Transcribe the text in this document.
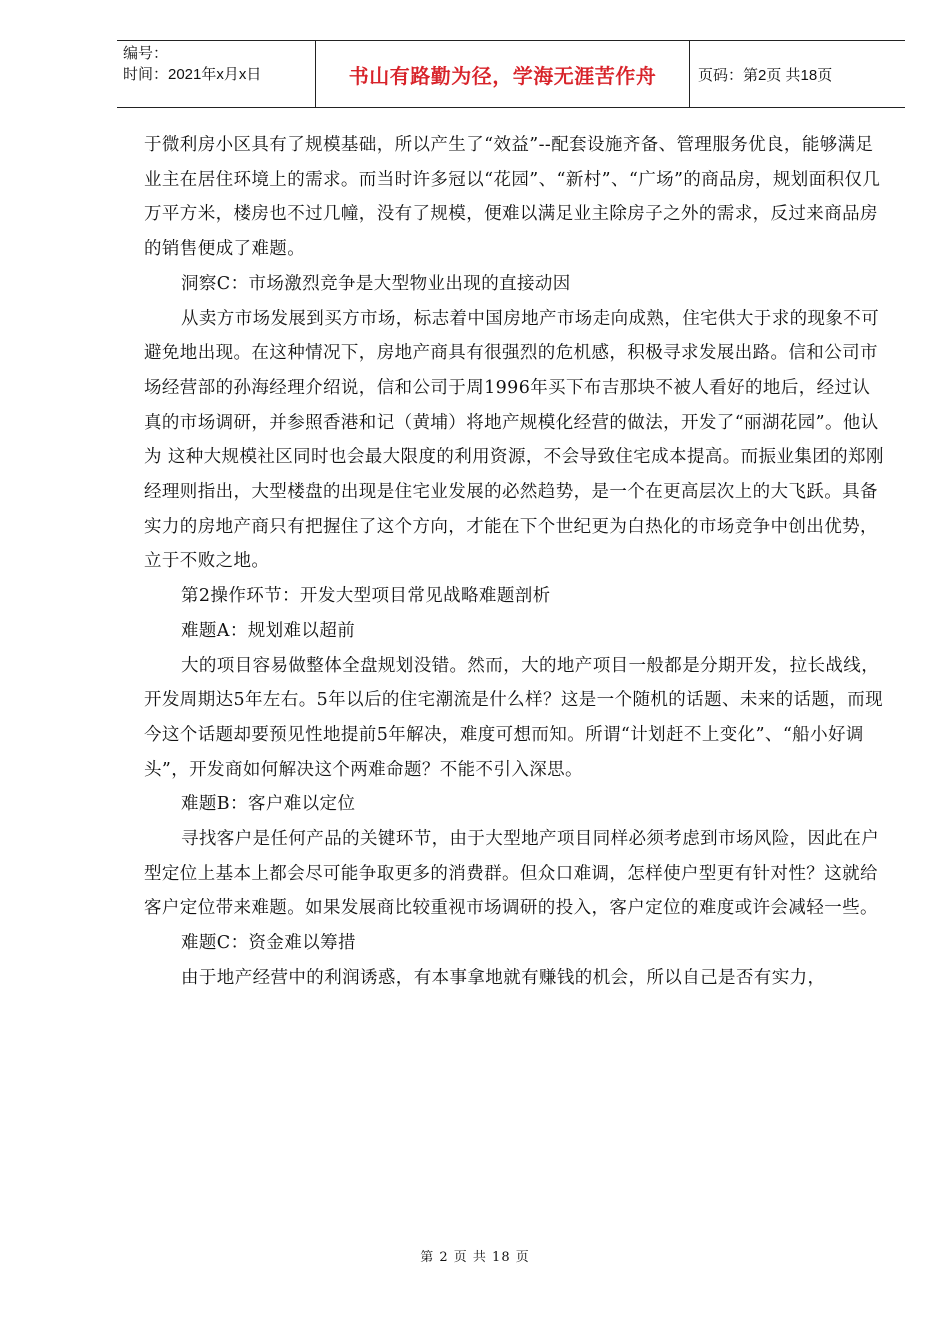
编号：
时间：2021年x月x日	书山有路勤为径，学海无涯苦作舟	页码：第2页 共18页

于微利房小区具有了规模基础，所以产生了“效益”--配套设施齐备、管理服务优良，能够满足业主在居住环境上的需求。而当时许多冠以“花园”、“新村”、“广场”的商品房，规划面积仅几万平方米，楼房也不过几幢，没有了规模，便难以满足业主除房子之外的需求，反过来商品房的销售便成了难题。

洞察C：市场激烈竞争是大型物业出现的直接动因

从卖方市场发展到买方市场，标志着中国房地产市场走向成熟，住宅供大于求的现象不可避免地出现。在这种情况下，房地产商具有很强烈的危机感，积极寻求发展出路。信和公司市场经营部的孙海经理介绍说，信和公司于周1996年买下布吉那块不被人看好的地后，经过认真的市场调研，并参照香港和记（黄埔）将地产规模化经营的做法，开发了“丽湖花园”。他认为 这种大规模社区同时也会最大限度的利用资源，不会导致住宅成本提高。而振业集团的郑刚经理则指出，大型楼盘的出现是住宅业发展的必然趋势，是一个在更高层次上的大飞跃。具备实力的房地产商只有把握住了这个方向，才能在下个世纪更为白热化的市场竞争中创出优势，立于不败之地。

第2操作环节：开发大型项目常见战略难题剖析

难题A：规划难以超前

大的项目容易做整体全盘规划没错。然而，大的地产项目一般都是分期开发，拉长战线，开发周期达5年左右。5年以后的住宅潮流是什么样？这是一个随机的话题、未来的话题，而现今这个话题却要预见性地提前5年解决，难度可想而知。所谓“计划赶不上变化”、“船小好调头”，开发商如何解决这个两难命题？不能不引入深思。

难题B：客户难以定位

寻找客户是任何产品的关键环节，由于大型地产项目同样必须考虑到市场风险，因此在户型定位上基本上都会尽可能争取更多的消费群。但众口难调，怎样使户型更有针对性？这就给客户定位带来难题。如果发展商比较重视市场调研的投入，客户定位的难度或许会减轻一些。

难题C：资金难以筹措

由于地产经营中的利润诱惑，有本事拿地就有赚钱的机会，所以自己是否有实力，

第 2 页 共 18 页
